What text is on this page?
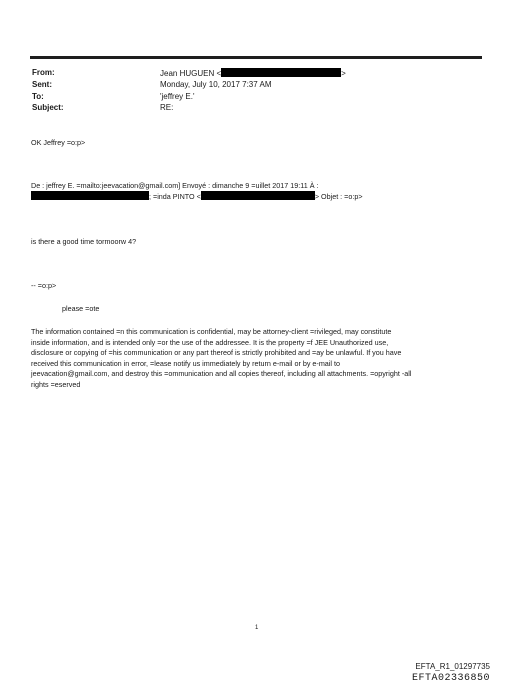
From:	Jean HUGUEN <	>
Sent:	Monday, July 10, 2017 7:37 AM
To:	'jeffrey E.'
Subject:	RE:
OK Jeffrey =o:p>
De : jeffrey E. =mailto:jeevacation@gmail.com] Envoyé : dimanche 9 =uillet 2017 19:11 À :
; =inda PINTO <	> Objet : =o:p>
is there a good time tormoorw 4?
-- =o:p>
please =ote
The information contained =n this communication is confidential, may be attorney-client =rivileged, may constitute
inside information, and is intended only =or the use of the addressee. It is the property =f JEE Unauthorized use,
disclosure or copying of =his communication or any part thereof is strictly prohibited and =ay be unlawful. If you have
received this communication in error, =lease notify us immediately by return e-mail or by e-mail to
jeevacation@gmail.com, and destroy this =ommunication and all copies thereof, including all attachments. =opyright -all
rights =eserved
1
EFTA_R1_01297735
EFTA02336850
